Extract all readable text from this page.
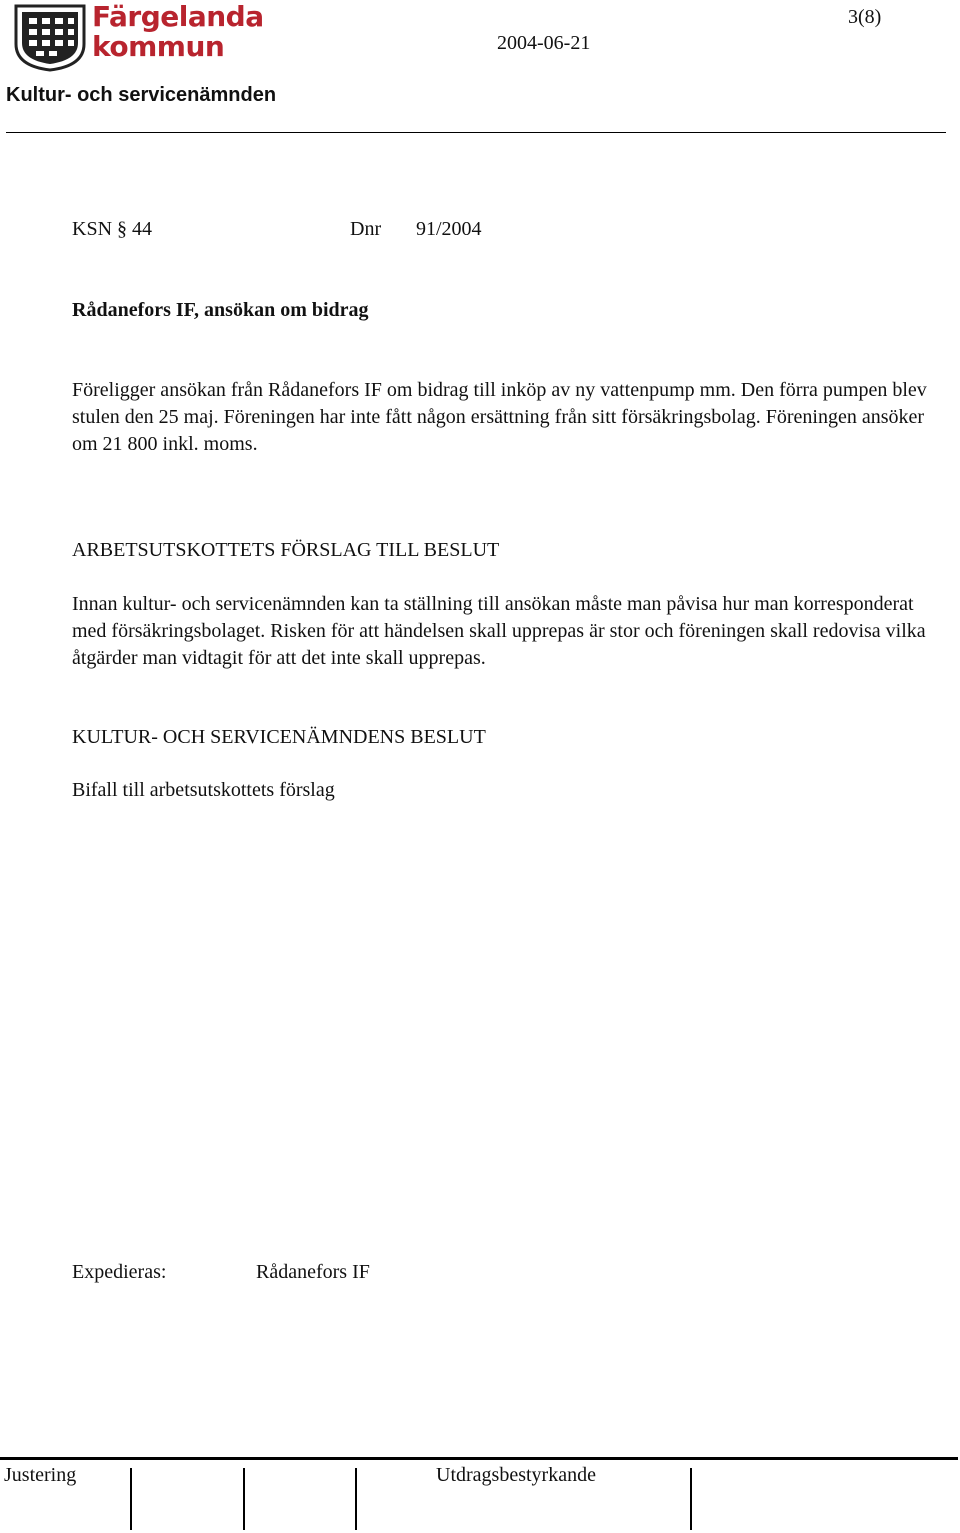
Färgelanda
kommun
3(8)
2004-06-21
Kultur- och servicenämnden
KSN § 44	Dnr 91/2004
Rådanefors IF, ansökan om bidrag
Föreligger ansökan från Rådanefors IF om bidrag till inköp av ny vattenpump mm. Den förra pumpen blev stulen den 25 maj. Föreningen har inte fått någon ersättning från sitt försäkringsbolag. Föreningen ansöker om 21 800 inkl. moms.
ARBETSUTSKOTTETS FÖRSLAG TILL BESLUT
Innan kultur- och servicenämnden kan ta ställning till ansökan måste man påvisa hur man korresponderat med försäkringsbolaget. Risken för att händelsen skall upprepas är stor och föreningen skall redovisa vilka åtgärder man vidtagit för att det inte skall upprepas.
KULTUR- OCH SERVICENÄMNDENS BESLUT
Bifall till arbetsutskottets förslag
Expedieras:	Rådanefors IF
Justering	Utdragsbestyrkande
